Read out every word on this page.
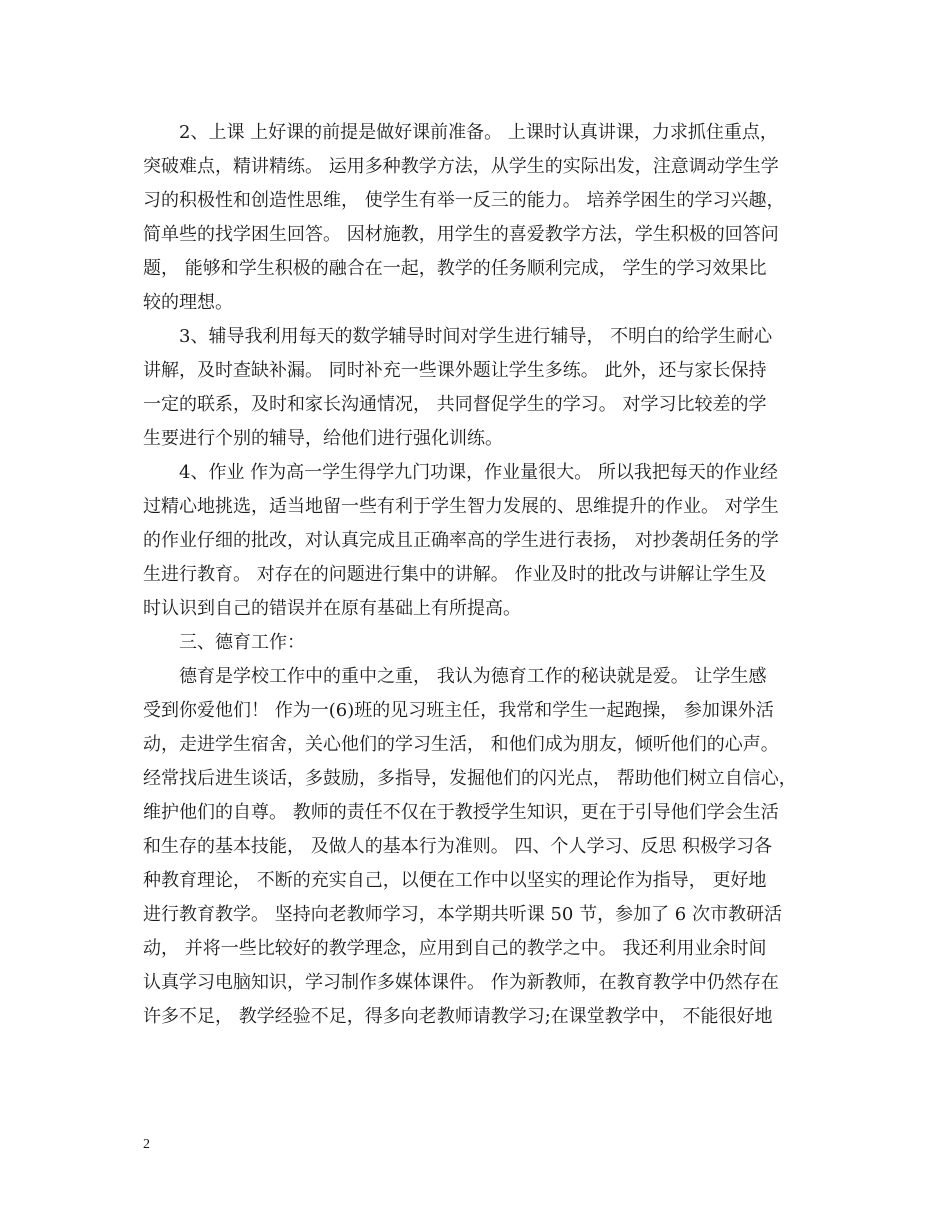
2、上课 上好课的前提是做好课前准备。 上课时认真讲课，力求抓住重点，
突破难点，精讲精练。 运用多种教学方法，从学生的实际出发，注意调动学生学
习的积极性和创造性思维， 使学生有举一反三的能力。 培养学困生的学习兴趣，
简单些的找学困生回答。 因材施教，用学生的喜爱教学方法，学生积极的回答问
题， 能够和学生积极的融合在一起，教学的任务顺利完成， 学生的学习效果比
较的理想。
3、辅导我利用每天的数学辅导时间对学生进行辅导， 不明白的给学生耐心
讲解，及时查缺补漏。 同时补充一些课外题让学生多练。 此外，还与家长保持
一定的联系，及时和家长沟通情况， 共同督促学生的学习。 对学习比较差的学
生要进行个别的辅导，给他们进行强化训练。
4、作业 作为高一学生得学九门功课，作业量很大。 所以我把每天的作业经
过精心地挑选，适当地留一些有利于学生智力发展的、思维提升的作业。 对学生
的作业仔细的批改，对认真完成且正确率高的学生进行表扬， 对抄袭胡任务的学
生进行教育。 对存在的问题进行集中的讲解。 作业及时的批改与讲解让学生及
时认识到自己的错误并在原有基础上有所提高。
三、德育工作：
德育是学校工作中的重中之重， 我认为德育工作的秘诀就是爱。 让学生感
受到你爱他们！ 作为一(6)班的见习班主任，我常和学生一起跑操， 参加课外活
动，走进学生宿舍，关心他们的学习生活， 和他们成为朋友，倾听他们的心声。
经常找后进生谈话，多鼓励，多指导，发掘他们的闪光点， 帮助他们树立自信心，
维护他们的自尊。 教师的责任不仅在于教授学生知识，更在于引导他们学会生活
和生存的基本技能， 及做人的基本行为准则。 四、个人学习、反思 积极学习各
种教育理论， 不断的充实自己，以便在工作中以坚实的理论作为指导， 更好地
进行教育教学。 坚持向老教师学习，本学期共听课 50 节，参加了 6 次市教研活
动， 并将一些比较好的教学理念，应用到自己的教学之中。 我还利用业余时间
认真学习电脑知识，学习制作多媒体课件。 作为新教师，在教育教学中仍然存在
许多不足， 教学经验不足，得多向老教师请教学习;在课堂教学中， 不能很好地
2
